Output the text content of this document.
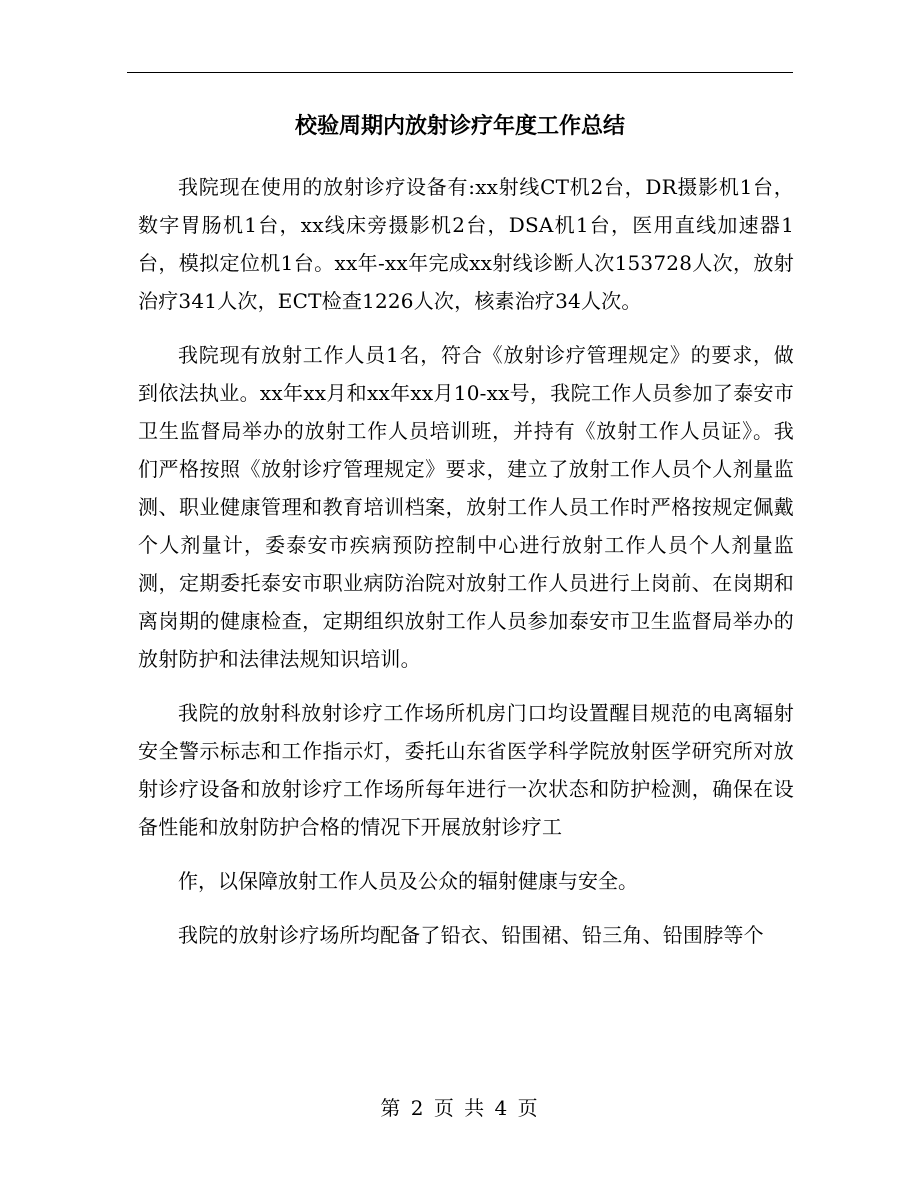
校验周期内放射诊疗年度工作总结

我院现在使用的放射诊疗设备有:xx射线CT机2台，DR摄影机1台，数字胃肠机1台，xx线床旁摄影机2台，DSA机1台，医用直线加速器1台，模拟定位机1台。xx年-xx年完成xx射线诊断人次153728人次，放射治疗341人次，ECT检查1226人次，核素治疗34人次。

我院现有放射工作人员1名，符合《放射诊疗管理规定》的要求，做到依法执业。xx年xx月和xx年xx月10-xx号，我院工作人员参加了泰安市卫生监督局举办的放射工作人员培训班，并持有《放射工作人员证》。我们严格按照《放射诊疗管理规定》要求，建立了放射工作人员个人剂量监测、职业健康管理和教育培训档案，放射工作人员工作时严格按规定佩戴个人剂量计，委泰安市疾病预防控制中心进行放射工作人员个人剂量监测，定期委托泰安市职业病防治院对放射工作人员进行上岗前、在岗期和离岗期的健康检查，定期组织放射工作人员参加泰安市卫生监督局举办的放射防护和法律法规知识培训。

我院的放射科放射诊疗工作场所机房门口均设置醒目规范的电离辐射安全警示标志和工作指示灯，委托山东省医学科学院放射医学研究所对放射诊疗设备和放射诊疗工作场所每年进行一次状态和防护检测，确保在设备性能和放射防护合格的情况下开展放射诊疗工

作，以保障放射工作人员及公众的辐射健康与安全。

我院的放射诊疗场所均配备了铅衣、铅围裙、铅三角、铅围脖等个

第 2 页 共 4 页
